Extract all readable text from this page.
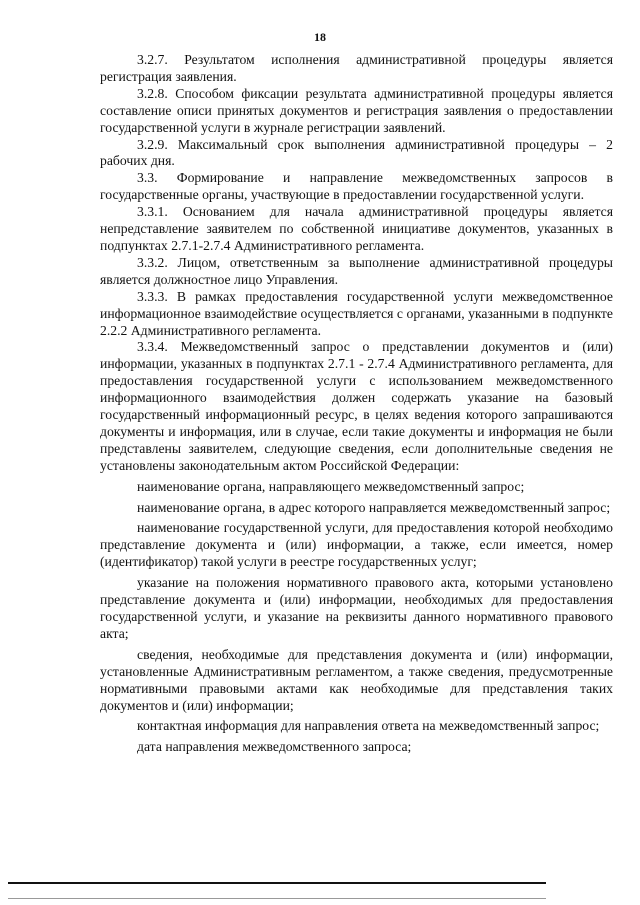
18

3.2.7. Результатом исполнения административной процедуры является регистрация заявления.

3.2.8. Способом фиксации результата административной процедуры является составление описи принятых документов и регистрация заявления о предоставлении государственной услуги в журнале регистрации заявлений.

3.2.9. Максимальный срок выполнения административной процедуры – 2 рабочих дня.

3.3. Формирование и направление межведомственных запросов в государственные органы, участвующие в предоставлении государственной услуги.

3.3.1. Основанием для начала административной процедуры является непредставление заявителем по собственной инициативе документов, указанных в подпунктах 2.7.1-2.7.4 Административного регламента.

3.3.2. Лицом, ответственным за выполнение административной процедуры является должностное лицо Управления.

3.3.3. В рамках предоставления государственной услуги межведомственное информационное взаимодействие осуществляется с органами, указанными в подпункте 2.2.2 Административного регламента.

3.3.4. Межведомственный запрос о представлении документов и (или) информации, указанных в подпунктах 2.7.1 - 2.7.4 Административного регламента, для предоставления государственной услуги с использованием межведомственного информационного взаимодействия должен содержать указание на базовый государственный информационный ресурс, в целях ведения которого запрашиваются документы и информация, или в случае, если такие документы и информация не были представлены заявителем, следующие сведения, если дополнительные сведения не установлены законодательным актом Российской Федерации:

наименование органа, направляющего межведомственный запрос;

наименование органа, в адрес которого направляется межведомственный запрос;

наименование государственной услуги, для предоставления которой необходимо представление документа и (или) информации, а также, если имеется, номер (идентификатор) такой услуги в реестре государственных услуг;

указание на положения нормативного правового акта, которыми установлено представление документа и (или) информации, необходимых для предоставления государственной услуги, и указание на реквизиты данного нормативного правового акта;

сведения, необходимые для представления документа и (или) информации, установленные Административным регламентом, а также сведения, предусмотренные нормативными правовыми актами как необходимые для представления таких документов и (или) информации;

контактная информация для направления ответа на межведомственный запрос;

дата направления межведомственного запроса;
